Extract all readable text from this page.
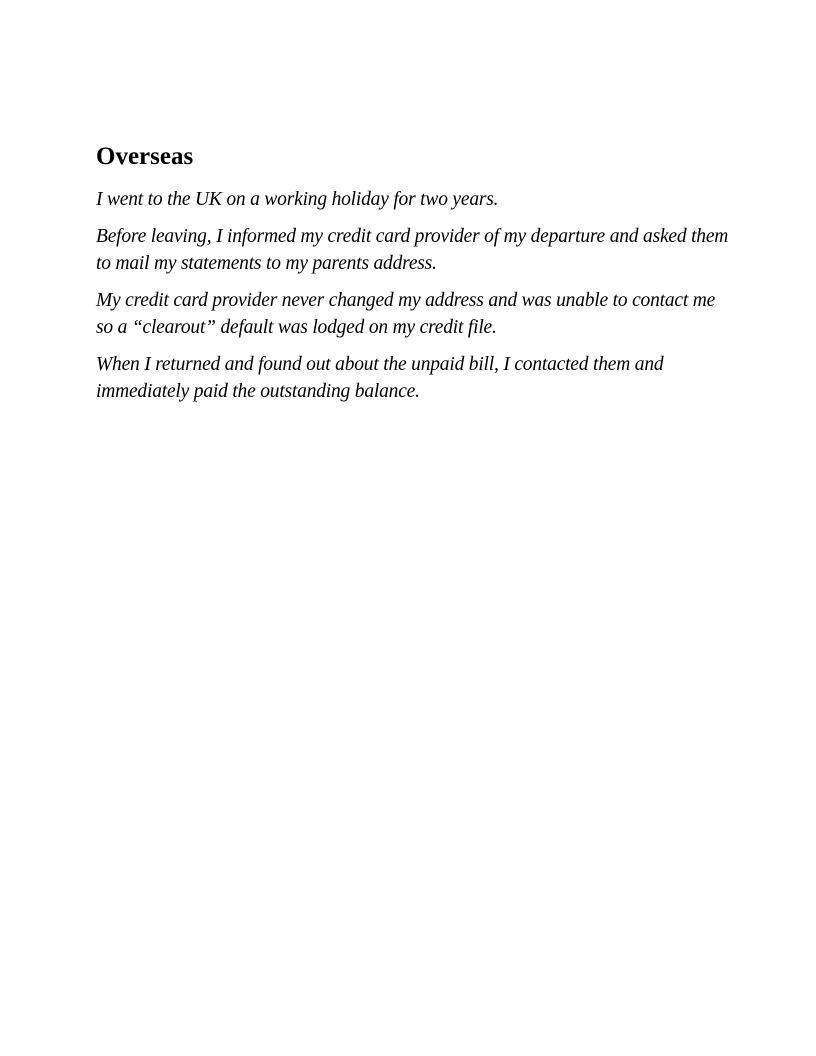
Overseas

I went to the UK on a working holiday for two years.

Before leaving, I informed my credit card provider of my departure and asked them to mail my statements to my parents address.

My credit card provider never changed my address and was unable to contact me so a “clearout” default was lodged on my credit file.

When I returned and found out about the unpaid bill, I contacted them and immediately paid the outstanding balance.
